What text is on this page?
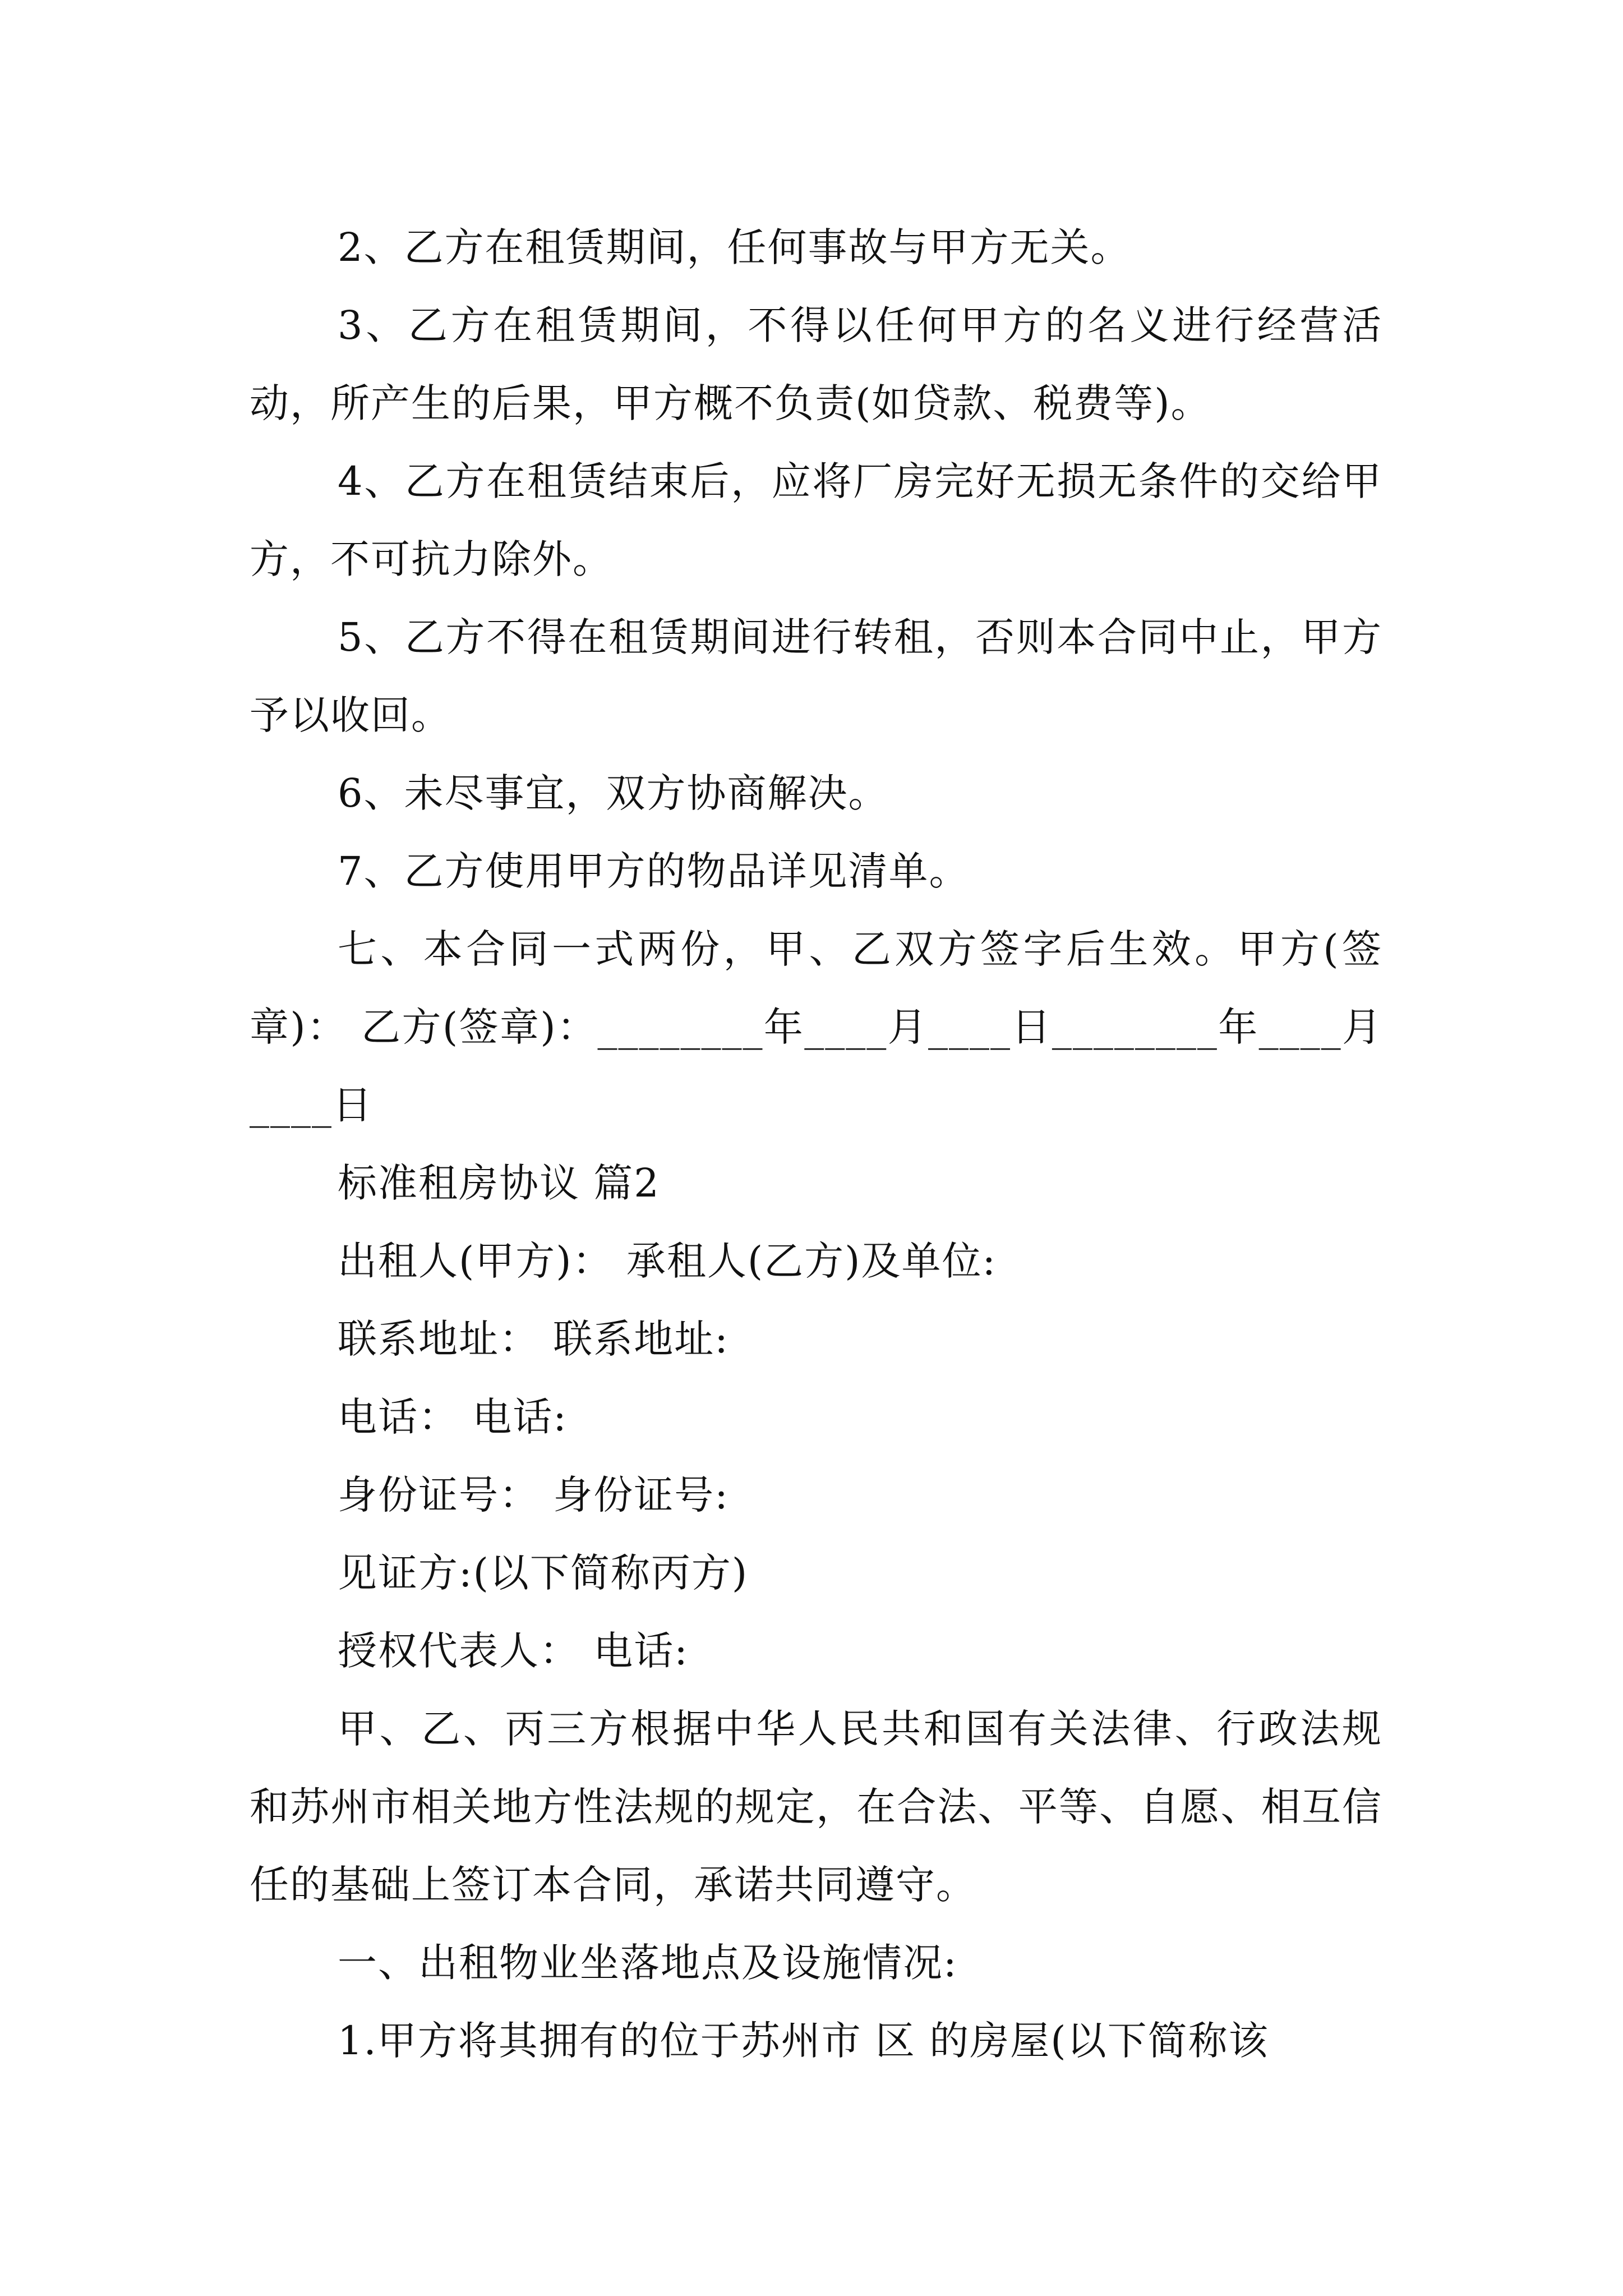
2、乙方在租赁期间，任何事故与甲方无关。

3、乙方在租赁期间，不得以任何甲方的名义进行经营活动，所产生的后果，甲方概不负责(如贷款、税费等)。

4、乙方在租赁结束后，应将厂房完好无损无条件的交给甲方，不可抗力除外。

5、乙方不得在租赁期间进行转租，否则本合同中止，甲方予以收回。

6、未尽事宜，双方协商解决。

7、乙方使用甲方的物品详见清单。

七、本合同一式两份，甲、乙双方签字后生效。甲方(签章)： 乙方(签章)：________年____月____日________年____月____日

标准租房协议 篇2

出租人(甲方)： 承租人(乙方)及单位:

联系地址： 联系地址:

电话： 电话:

身份证号： 身份证号:

见证方:(以下简称丙方)

授权代表人： 电话:

甲、乙、丙三方根据中华人民共和国有关法律、行政法规和苏州市相关地方性法规的规定，在合法、平等、自愿、相互信任的基础上签订本合同，承诺共同遵守。

一、出租物业坐落地点及设施情况:

1.甲方将其拥有的位于苏州市 区 的房屋(以下简称该
